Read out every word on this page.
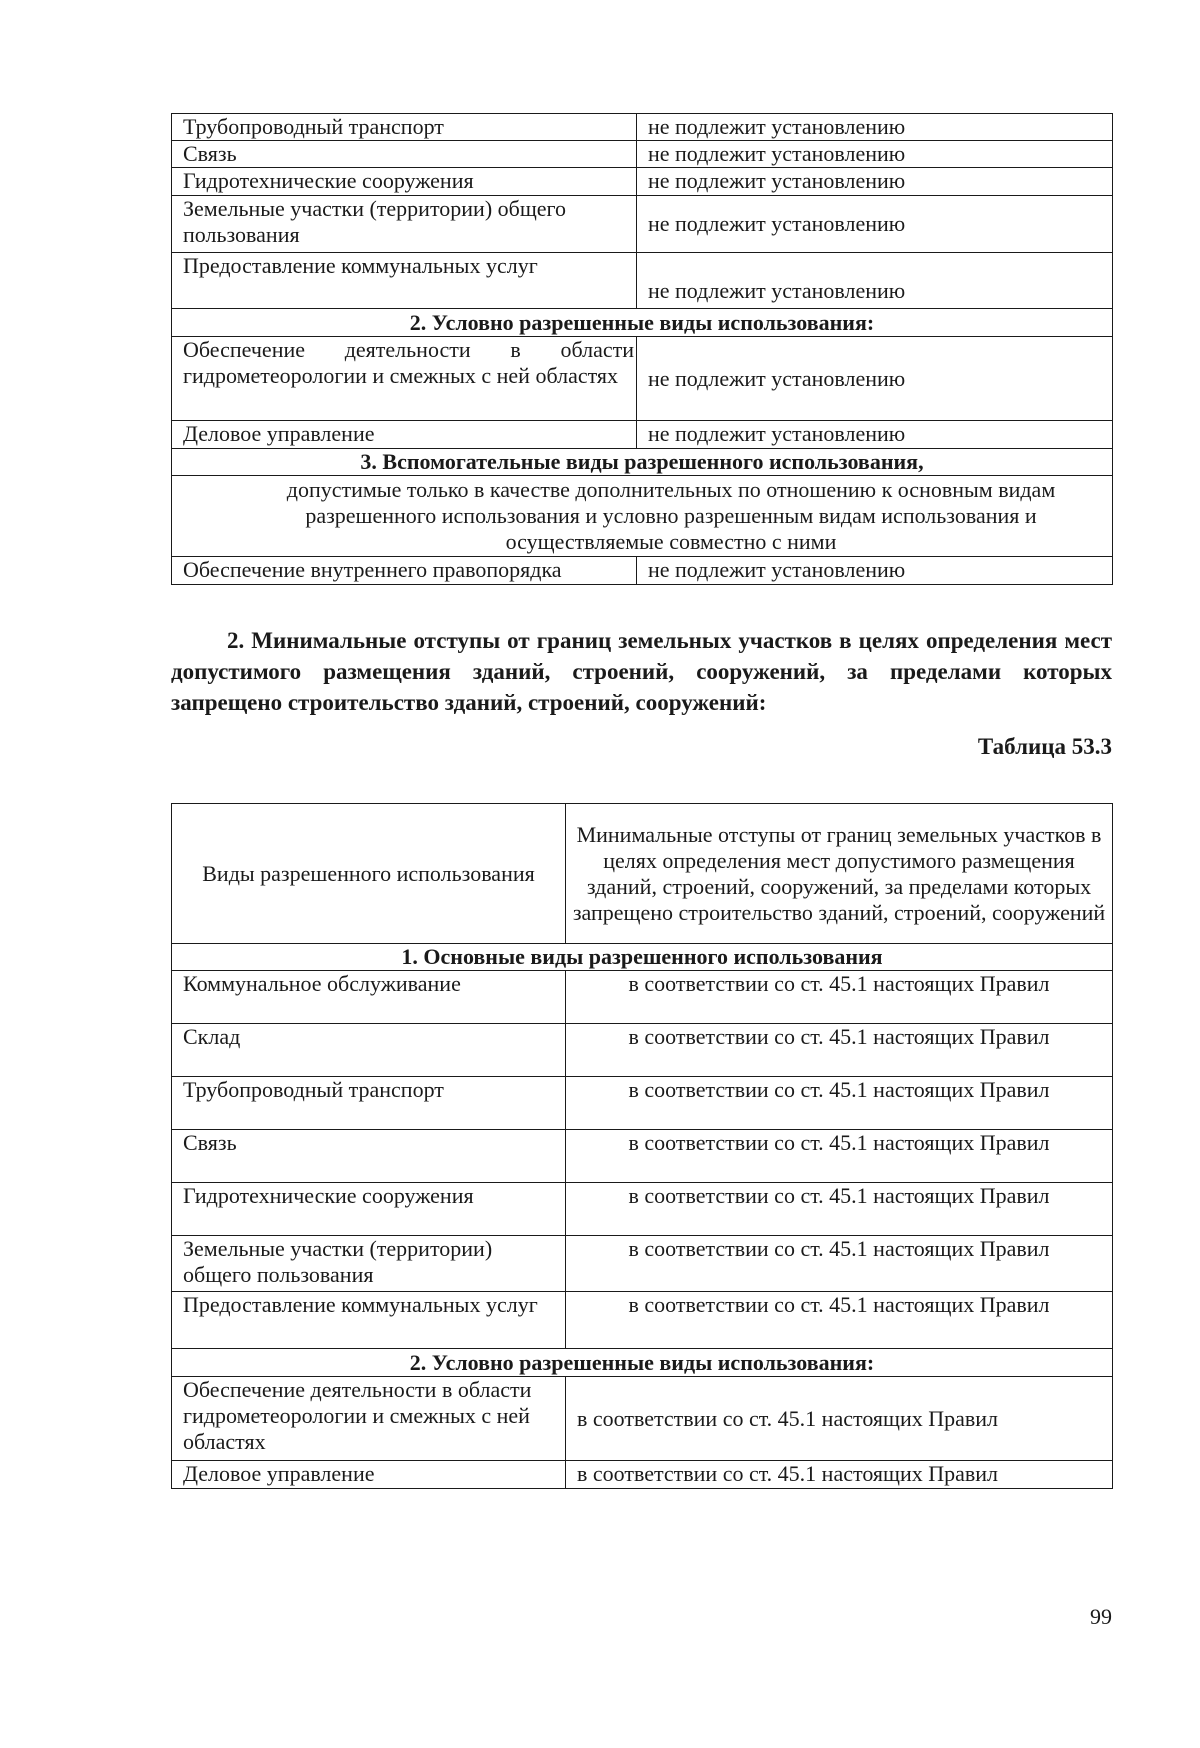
Трубопроводный транспорт	не подлежит установлению
Связь	не подлежит установлению
Гидротехнические сооружения	не подлежит установлению
Земельные участки (территории) общего пользования	не подлежит установлению
Предоставление коммунальных услуг	не подлежит установлению
2. Условно разрешенные виды использования:	
Обеспечение деятельности в области гидрометеорологии и смежных с ней областях	не подлежит установлению
Деловое управление	не подлежит установлению
3. Вспомогательные виды разрешенного использования,	
допустимые только в качестве дополнительных по отношению к основным видам разрешенного использования и условно разрешенным видам использования и осуществляемые совместно с ними	
Обеспечение внутреннего правопорядка	не подлежит установлению

2. Минимальные отступы от границ земельных участков в целях определения мест допустимого размещения зданий, строений, сооружений, за пределами которых запрещено строительство зданий, строений, сооружений:

Таблица 53.3

Виды разрешенного использования	Минимальные отступы от границ земельных участков в целях определения мест допустимого размещения зданий, строений, сооружений, за пределами которых запрещено строительство зданий, строений, сооружений
1. Основные виды разрешенного использования	
Коммунальное обслуживание	в соответствии со ст. 45.1 настоящих Правил
Склад	в соответствии со ст. 45.1 настоящих Правил
Трубопроводный транспорт	в соответствии со ст. 45.1 настоящих Правил
Связь	в соответствии со ст. 45.1 настоящих Правил
Гидротехнические сооружения	в соответствии со ст. 45.1 настоящих Правил
Земельные участки (территории) общего пользования	в соответствии со ст. 45.1 настоящих Правил
Предоставление коммунальных услуг	в соответствии со ст. 45.1 настоящих Правил
2. Условно разрешенные виды использования:	
Обеспечение деятельности в области гидрометеорологии и смежных с ней областях	в соответствии со ст. 45.1 настоящих Правил
Деловое управление	в соответствии со ст. 45.1 настоящих Правил

99
